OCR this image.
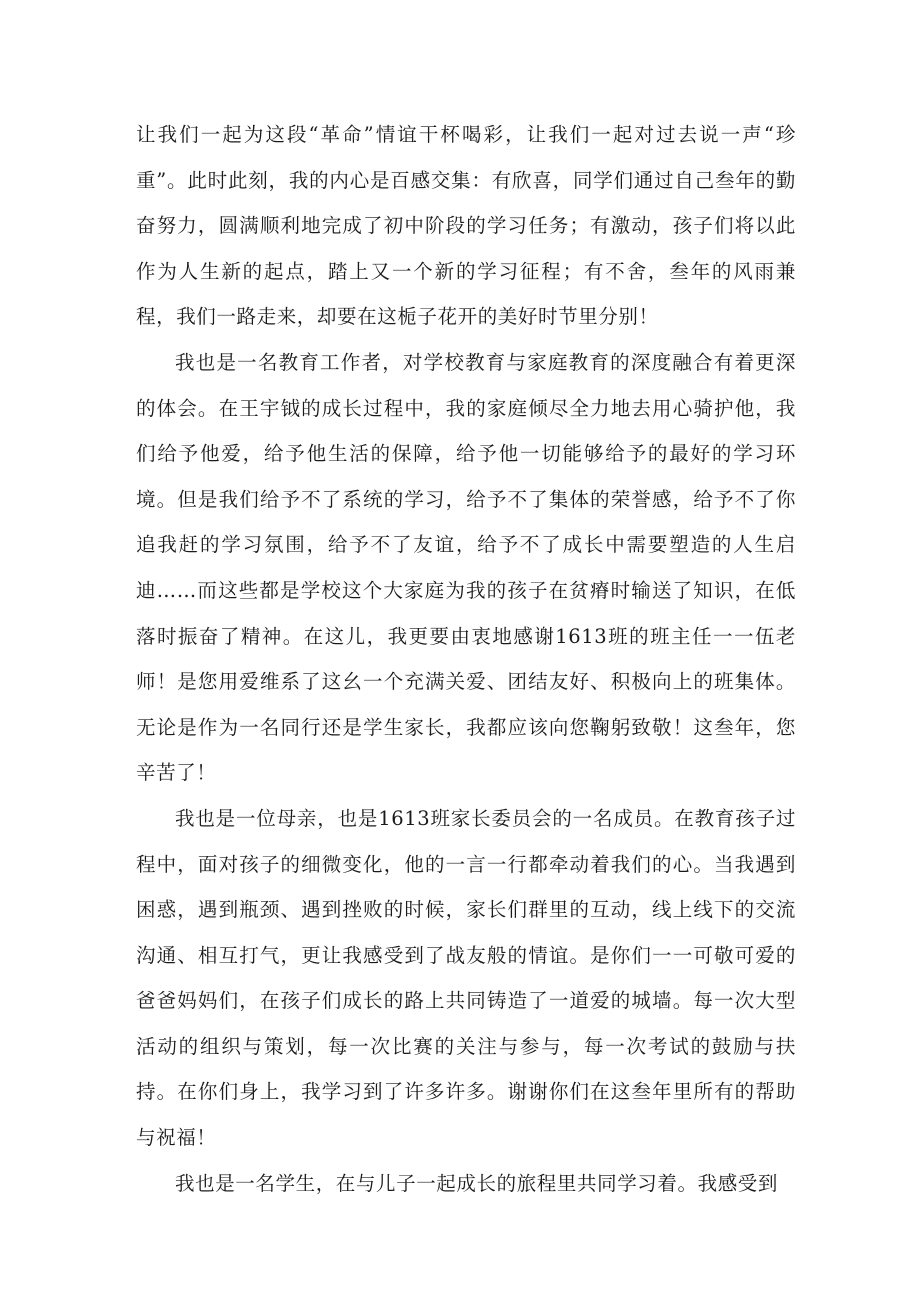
让我们一起为这段“革命”情谊干杯喝彩，让我们一起对过去说一声“珍重”。此时此刻，我的内心是百感交集：有欣喜，同学们通过自己叁年的勤奋努力，圆满顺利地完成了初中阶段的学习任务；有激动，孩子们将以此作为人生新的起点，踏上又一个新的学习征程；有不舍，叁年的风雨兼程，我们一路走来，却要在这栀子花开的美好时节里分别！

我也是一名教育工作者，对学校教育与家庭教育的深度融合有着更深的体会。在王宇钺的成长过程中，我的家庭倾尽全力地去用心骑护他，我们给予他爱，给予他生活的保障，给予他一切能够给予的最好的学习环境。但是我们给予不了系统的学习，给予不了集体的荣誉感，给予不了你追我赶的学习氛围，给予不了友谊，给予不了成长中需要塑造的人生启迪……而这些都是学校这个大家庭为我的孩子在贫瘠时输送了知识，在低落时振奋了精神。在这儿，我更要由衷地感谢1613班的班主任一一伍老师！是您用爱维系了这幺一个充满关爱、团结友好、积极向上的班集体。无论是作为一名同行还是学生家长，我都应该向您鞠躬致敬！这叁年，您辛苦了！

我也是一位母亲，也是1613班家长委员会的一名成员。在教育孩子过程中，面对孩子的细微变化，他的一言一行都牵动着我们的心。当我遇到困惑，遇到瓶颈、遇到挫败的时候，家长们群里的互动，线上线下的交流沟通、相互打气，更让我感受到了战友般的情谊。是你们一一可敬可爱的爸爸妈妈们，在孩子们成长的路上共同铸造了一道爱的城墙。每一次大型活动的组织与策划，每一次比赛的关注与参与，每一次考试的鼓励与扶持。在你们身上，我学习到了许多许多。谢谢你们在这叁年里所有的帮助与祝福！

我也是一名学生，在与儿子一起成长的旅程里共同学习着。我感受到
